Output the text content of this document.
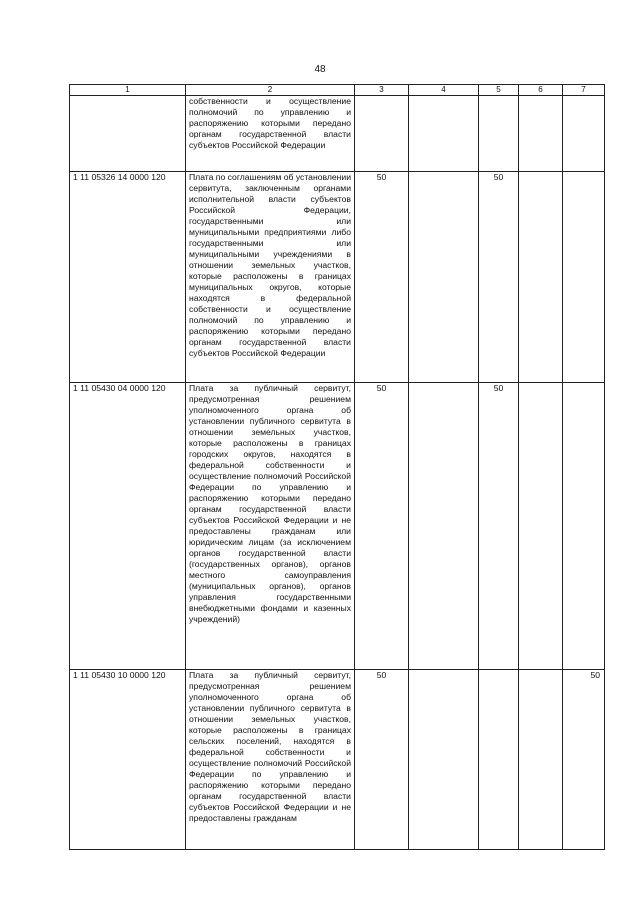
48
1	2	3	4	5	6	7
	собственности и осуществление полномочий по управлению и распоряжению которыми передано органам государственной власти субъектов Российской Федерации					
1 11 05326 14 0000 120	Плата по соглашениям об установлении сервитута, заключенным органами исполнительной власти субъектов Российской Федерации, государственными или муниципальными предприятиями либо государственными или муниципальными учреждениями в отношении земельных участков, которые расположены в границах муниципальных округов, которые находятся в федеральной собственности и осуществление полномочий по управлению и распоряжению которыми передано органам государственной власти субъектов Российской Федерации	50		50		
1 11 05430 04 0000 120	Плата за публичный сервитут, предусмотренная решением уполномоченного органа об установлении публичного сервитута в отношении земельных участков, которые расположены в границах городских округов, находятся в федеральной собственности и осуществление полномочий Российской Федерации по управлению и распоряжению которыми передано органам государственной власти субъектов Российской Федерации и не предоставлены гражданам или юридическим лицам (за исключением органов государственной власти (государственных органов), органов местного самоуправления (муниципальных органов), органов управления государственными внебюджетными фондами и казенных учреждений)	50		50		
1 11 05430 10 0000 120	Плата за публичный сервитут, предусмотренная решением уполномоченного органа об установлении публичного сервитута в отношении земельных участков, которые расположены в границах сельских поселений, находятся в федеральной собственности и осуществление полномочий Российской Федерации по управлению и распоряжению которыми передано органам государственной власти субъектов Российской Федерации и не предоставлены гражданам	50				50
